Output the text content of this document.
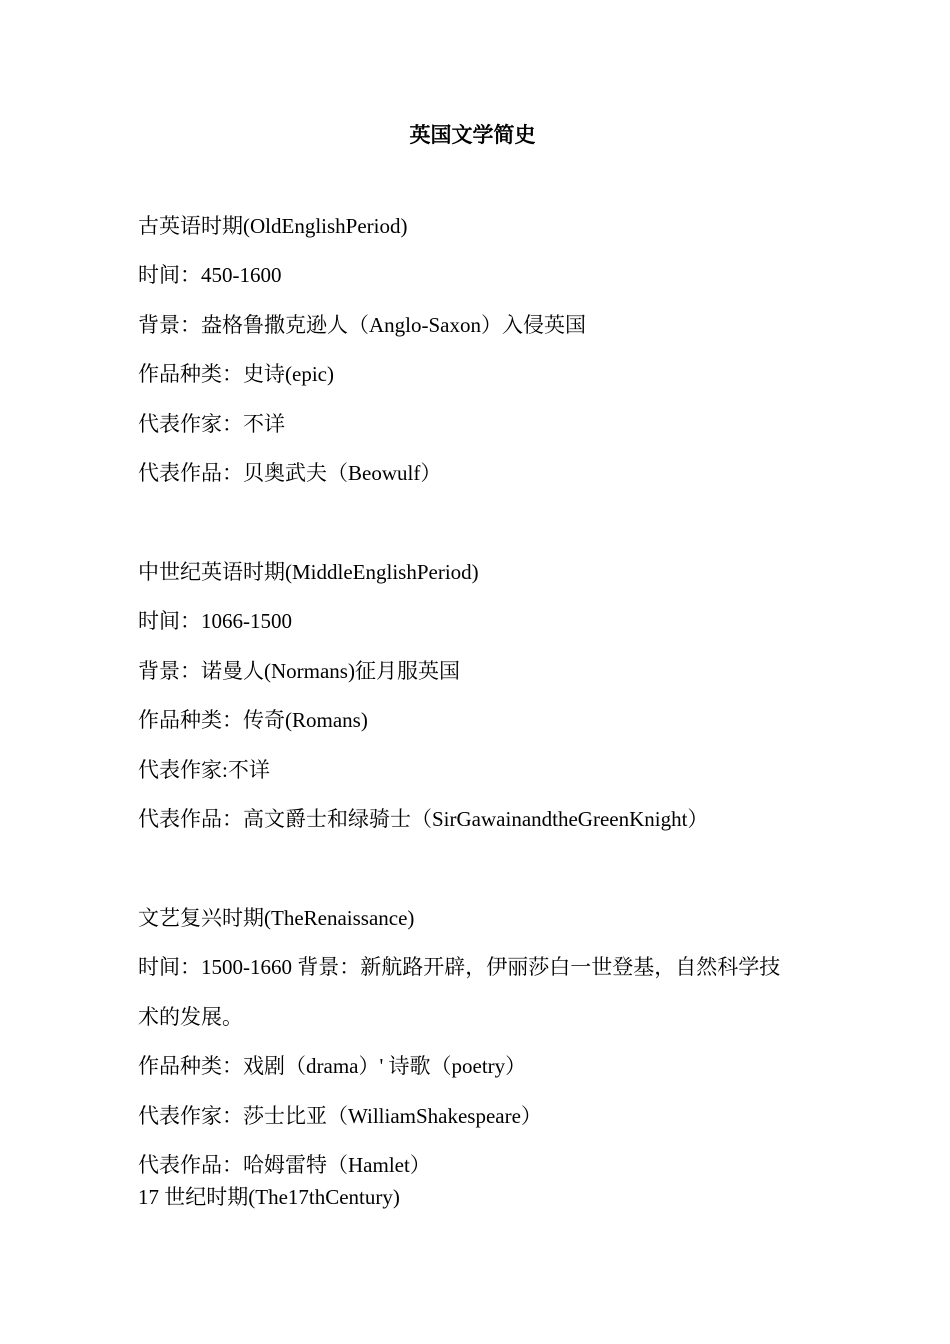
英国文学简史
古英语时期(OldEnglishPeriod)
时间：450-1600
背景：盎格鲁撒克逊人（Anglo-Saxon）入侵英国
作品种类：史诗(epic)
代表作家：不详
代表作品：贝奥武夫（Beowulf）
中世纪英语时期(MiddleEnglishPeriod)
时间：1066-1500
背景：诺曼人(Normans)征月服英国
作品种类：传奇(Romans)
代表作家:不详
代表作品：高文爵士和绿骑士（SirGawainandtheGreenKnight）
文艺复兴时期(TheRenaissance)
时间：1500-1660 背景：新航路开辟，伊丽莎白一世登基，自然科学技
术的发展。
作品种类：戏剧（drama）' 诗歌（poetry）
代表作家：莎士比亚（WilliamShakespeare）
代表作品：哈姆雷特（Hamlet）
17 世纪时期(The17thCentury)
